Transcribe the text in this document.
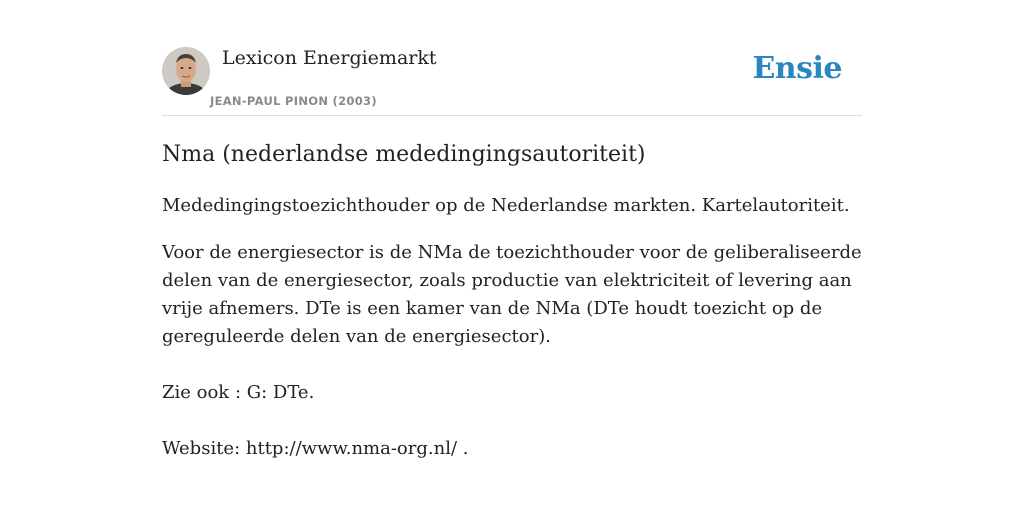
Lexicon Energiemarkt
JEAN-PAUL PINON (2003)
Ensie
Nma (nederlandse mededingingsautoriteit)

Mededingingstoezichthouder op de Nederlandse markten. Kartelautoriteit.

Voor de energiesector is de NMa de toezichthouder voor de geliberaliseerde delen van de energiesector, zoals productie van elektriciteit of levering aan vrije afnemers. DTe is een kamer van de NMa (DTe houdt toezicht op de gereguleerde delen van de energiesector).

Zie ook : G: DTe.

Website: http://www.nma-org.nl/ .
